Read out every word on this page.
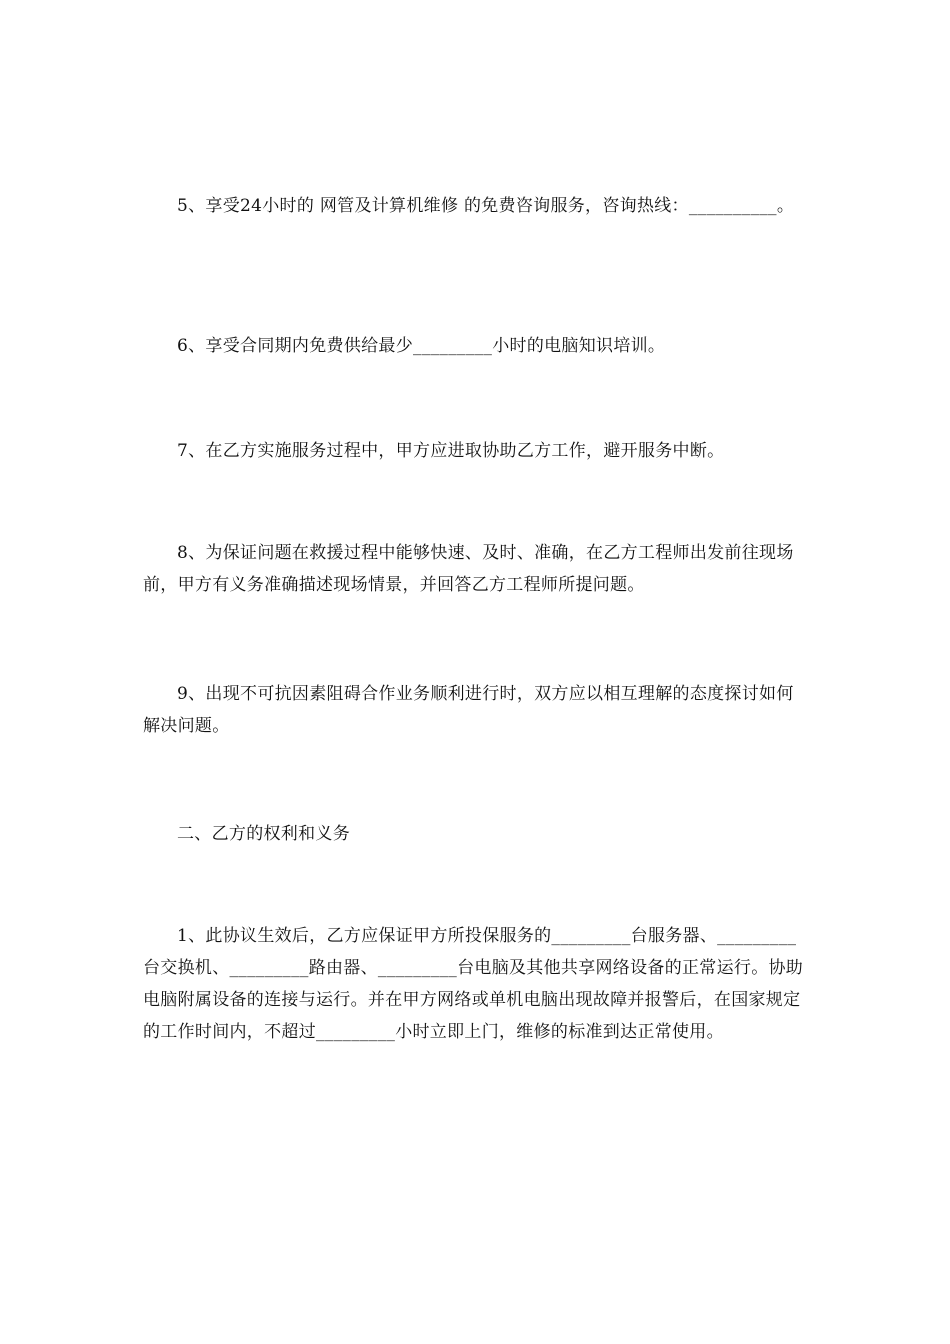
5、享受24小时的 网管及计算机维修 的免费咨询服务，咨询热线：__________。

6、享受合同期内免费供给最少_________小时的电脑知识培训。

7、在乙方实施服务过程中，甲方应进取协助乙方工作，避开服务中断。

8、为保证问题在救援过程中能够快速、及时、准确，在乙方工程师出发前往现场前，甲方有义务准确描述现场情景，并回答乙方工程师所提问题。

9、出现不可抗因素阻碍合作业务顺利进行时，双方应以相互理解的态度探讨如何解决问题。

二、乙方的权利和义务

1、此协议生效后，乙方应保证甲方所投保服务的_________台服务器、_________台交换机、_________路由器、_________台电脑及其他共享网络设备的正常运行。协助电脑附属设备的连接与运行。并在甲方网络或单机电脑出现故障并报警后，在国家规定的工作时间内，不超过_________小时立即上门，维修的标准到达正常使用。
